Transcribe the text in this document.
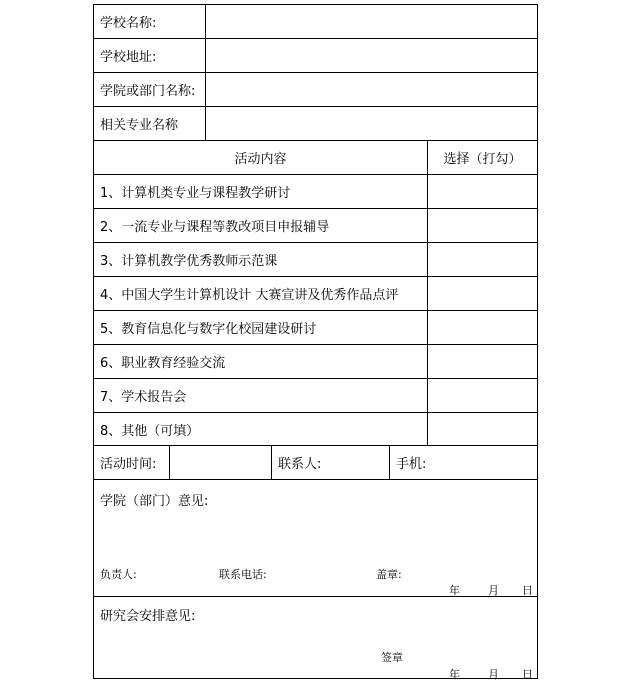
学校名称:
学校地址:
学院或部门名称:
相关专业名称
活动内容	选择（打勾）
1、计算机类专业与课程教学研讨
2、一流专业与课程等教改项目申报辅导
3、计算机教学优秀教师示范课
4、中国大学生计算机设计 大赛宣讲及优秀作品点评
5、教育信息化与数字化校园建设研讨
6、职业教育经验交流
7、学术报告会
8、其他（可填）
活动时间:	联系人:	手机:
学院（部门）意见:
负责人:	联系电话:	盖章:
年	月 日
研究会安排意见:
签章
年	月 日
